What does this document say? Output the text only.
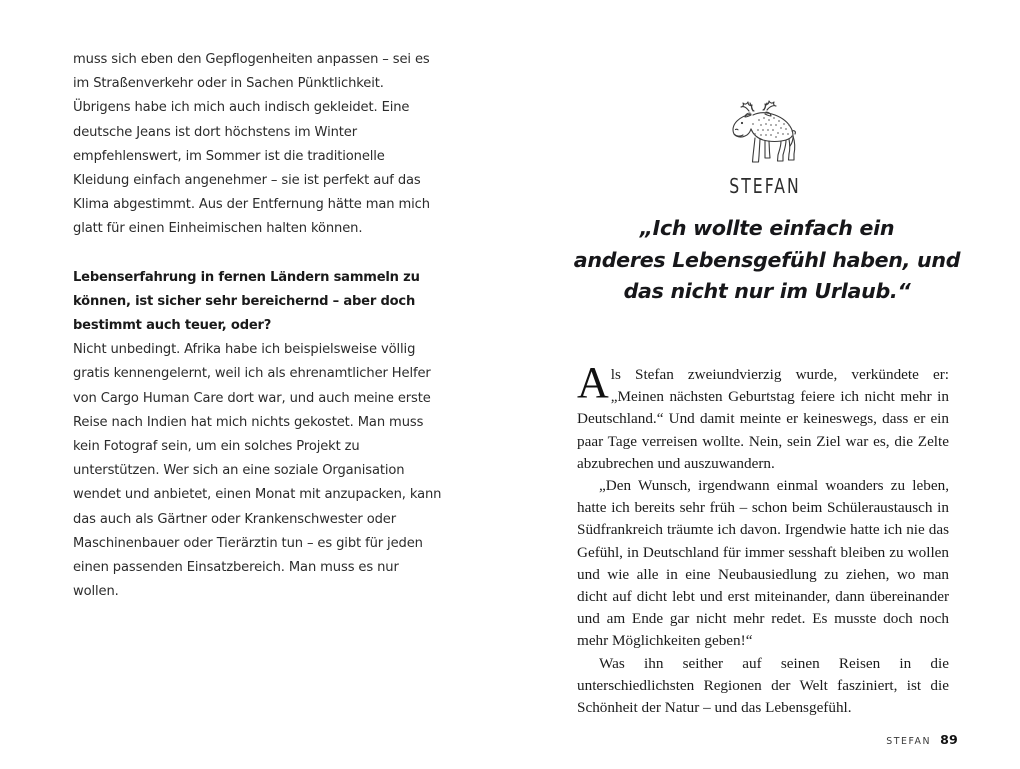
muss sich eben den Gepflogenheiten anpassen – sei es im Straßenverkehr oder in Sachen Pünktlichkeit.

Übrigens habe ich mich auch indisch gekleidet. Eine deutsche Jeans ist dort höchstens im Winter empfehlenswert, im Sommer ist die traditionelle Kleidung einfach angenehmer – sie ist perfekt auf das Klima abgestimmt. Aus der Entfernung hätte man mich glatt für einen Einheimischen halten können.

Lebenserfahrung in fernen Ländern sammeln zu können, ist sicher sehr bereichernd – aber doch bestimmt auch teuer, oder?

Nicht unbedingt. Afrika habe ich beispielsweise völlig gratis kennengelernt, weil ich als ehrenamtlicher Helfer von Cargo Human Care dort war, und auch meine erste Reise nach Indien hat mich nichts gekostet. Man muss kein Fotograf sein, um ein solches Projekt zu unterstützen. Wer sich an eine soziale Organisation wendet und anbietet, einen Monat mit anzupacken, kann das auch als Gärtner oder Krankenschwester oder Maschinenbauer oder Tierärztin tun – es gibt für jeden einen passenden Einsatzbereich. Man muss es nur wollen.

STEFAN
„Ich wollte einfach ein
anderes Lebensgefühl haben, und
das nicht nur im Urlaub.“

Als Stefan zweiundvierzig wurde, verkündete er: „Meinen nächsten Geburtstag feiere ich nicht mehr in Deutschland.“ Und damit meinte er keineswegs, dass er ein paar Tage verreisen wollte. Nein, sein Ziel war es, die Zelte abzubrechen und auszuwandern.

„Den Wunsch, irgendwann einmal woanders zu leben, hatte ich bereits sehr früh – schon beim Schüleraustausch in Südfrankreich träumte ich davon. Irgendwie hatte ich nie das Gefühl, in Deutschland für immer sesshaft bleiben zu wollen und wie alle in eine Neubausiedlung zu ziehen, wo man dicht auf dicht lebt und erst miteinander, dann übereinander und am Ende gar nicht mehr redet. Es musste doch noch mehr Möglichkeiten geben!“

Was ihn seither auf seinen Reisen in die unterschiedlichsten Regionen der Welt fasziniert, ist die Schönheit der Natur – und das Lebensgefühl.

STEFAN 89
